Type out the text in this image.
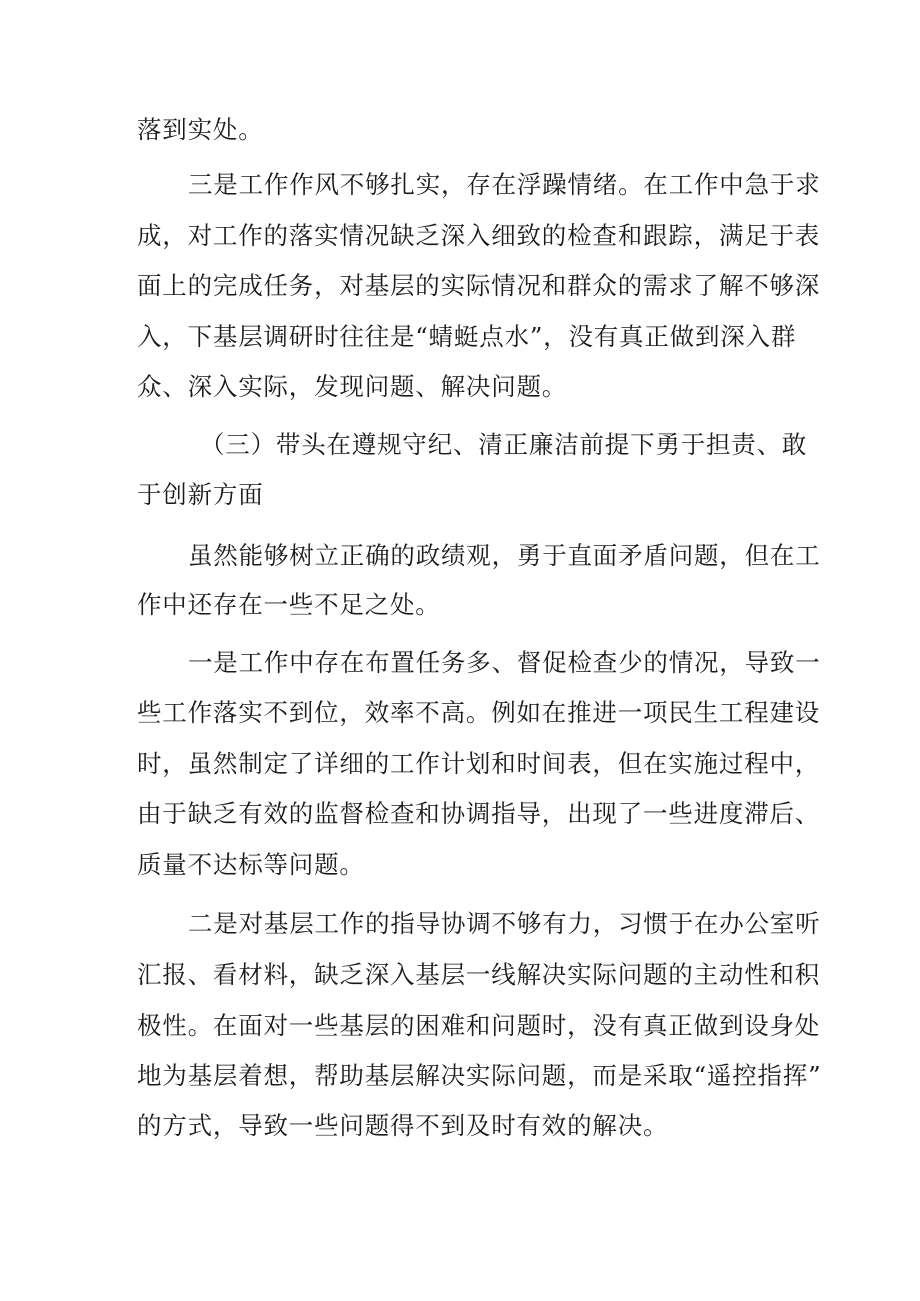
落到实处。
三是工作作风不够扎实，存在浮躁情绪。在工作中急于求
成，对工作的落实情况缺乏深入细致的检查和跟踪，满足于表
面上的完成任务，对基层的实际情况和群众的需求了解不够深
入，下基层调研时往往是“蜻蜓点水”，没有真正做到深入群
众、深入实际，发现问题、解决问题。
（三）带头在遵规守纪、清正廉洁前提下勇于担责、敢
于创新方面
虽然能够树立正确的政绩观，勇于直面矛盾问题，但在工
作中还存在一些不足之处。
一是工作中存在布置任务多、督促检查少的情况，导致一
些工作落实不到位，效率不高。例如在推进一项民生工程建设
时，虽然制定了详细的工作计划和时间表，但在实施过程中，
由于缺乏有效的监督检查和协调指导，出现了一些进度滞后、
质量不达标等问题。
二是对基层工作的指导协调不够有力，习惯于在办公室听
汇报、看材料，缺乏深入基层一线解决实际问题的主动性和积
极性。在面对一些基层的困难和问题时，没有真正做到设身处
地为基层着想，帮助基层解决实际问题，而是采取“遥控指挥”
的方式，导致一些问题得不到及时有效的解决。
